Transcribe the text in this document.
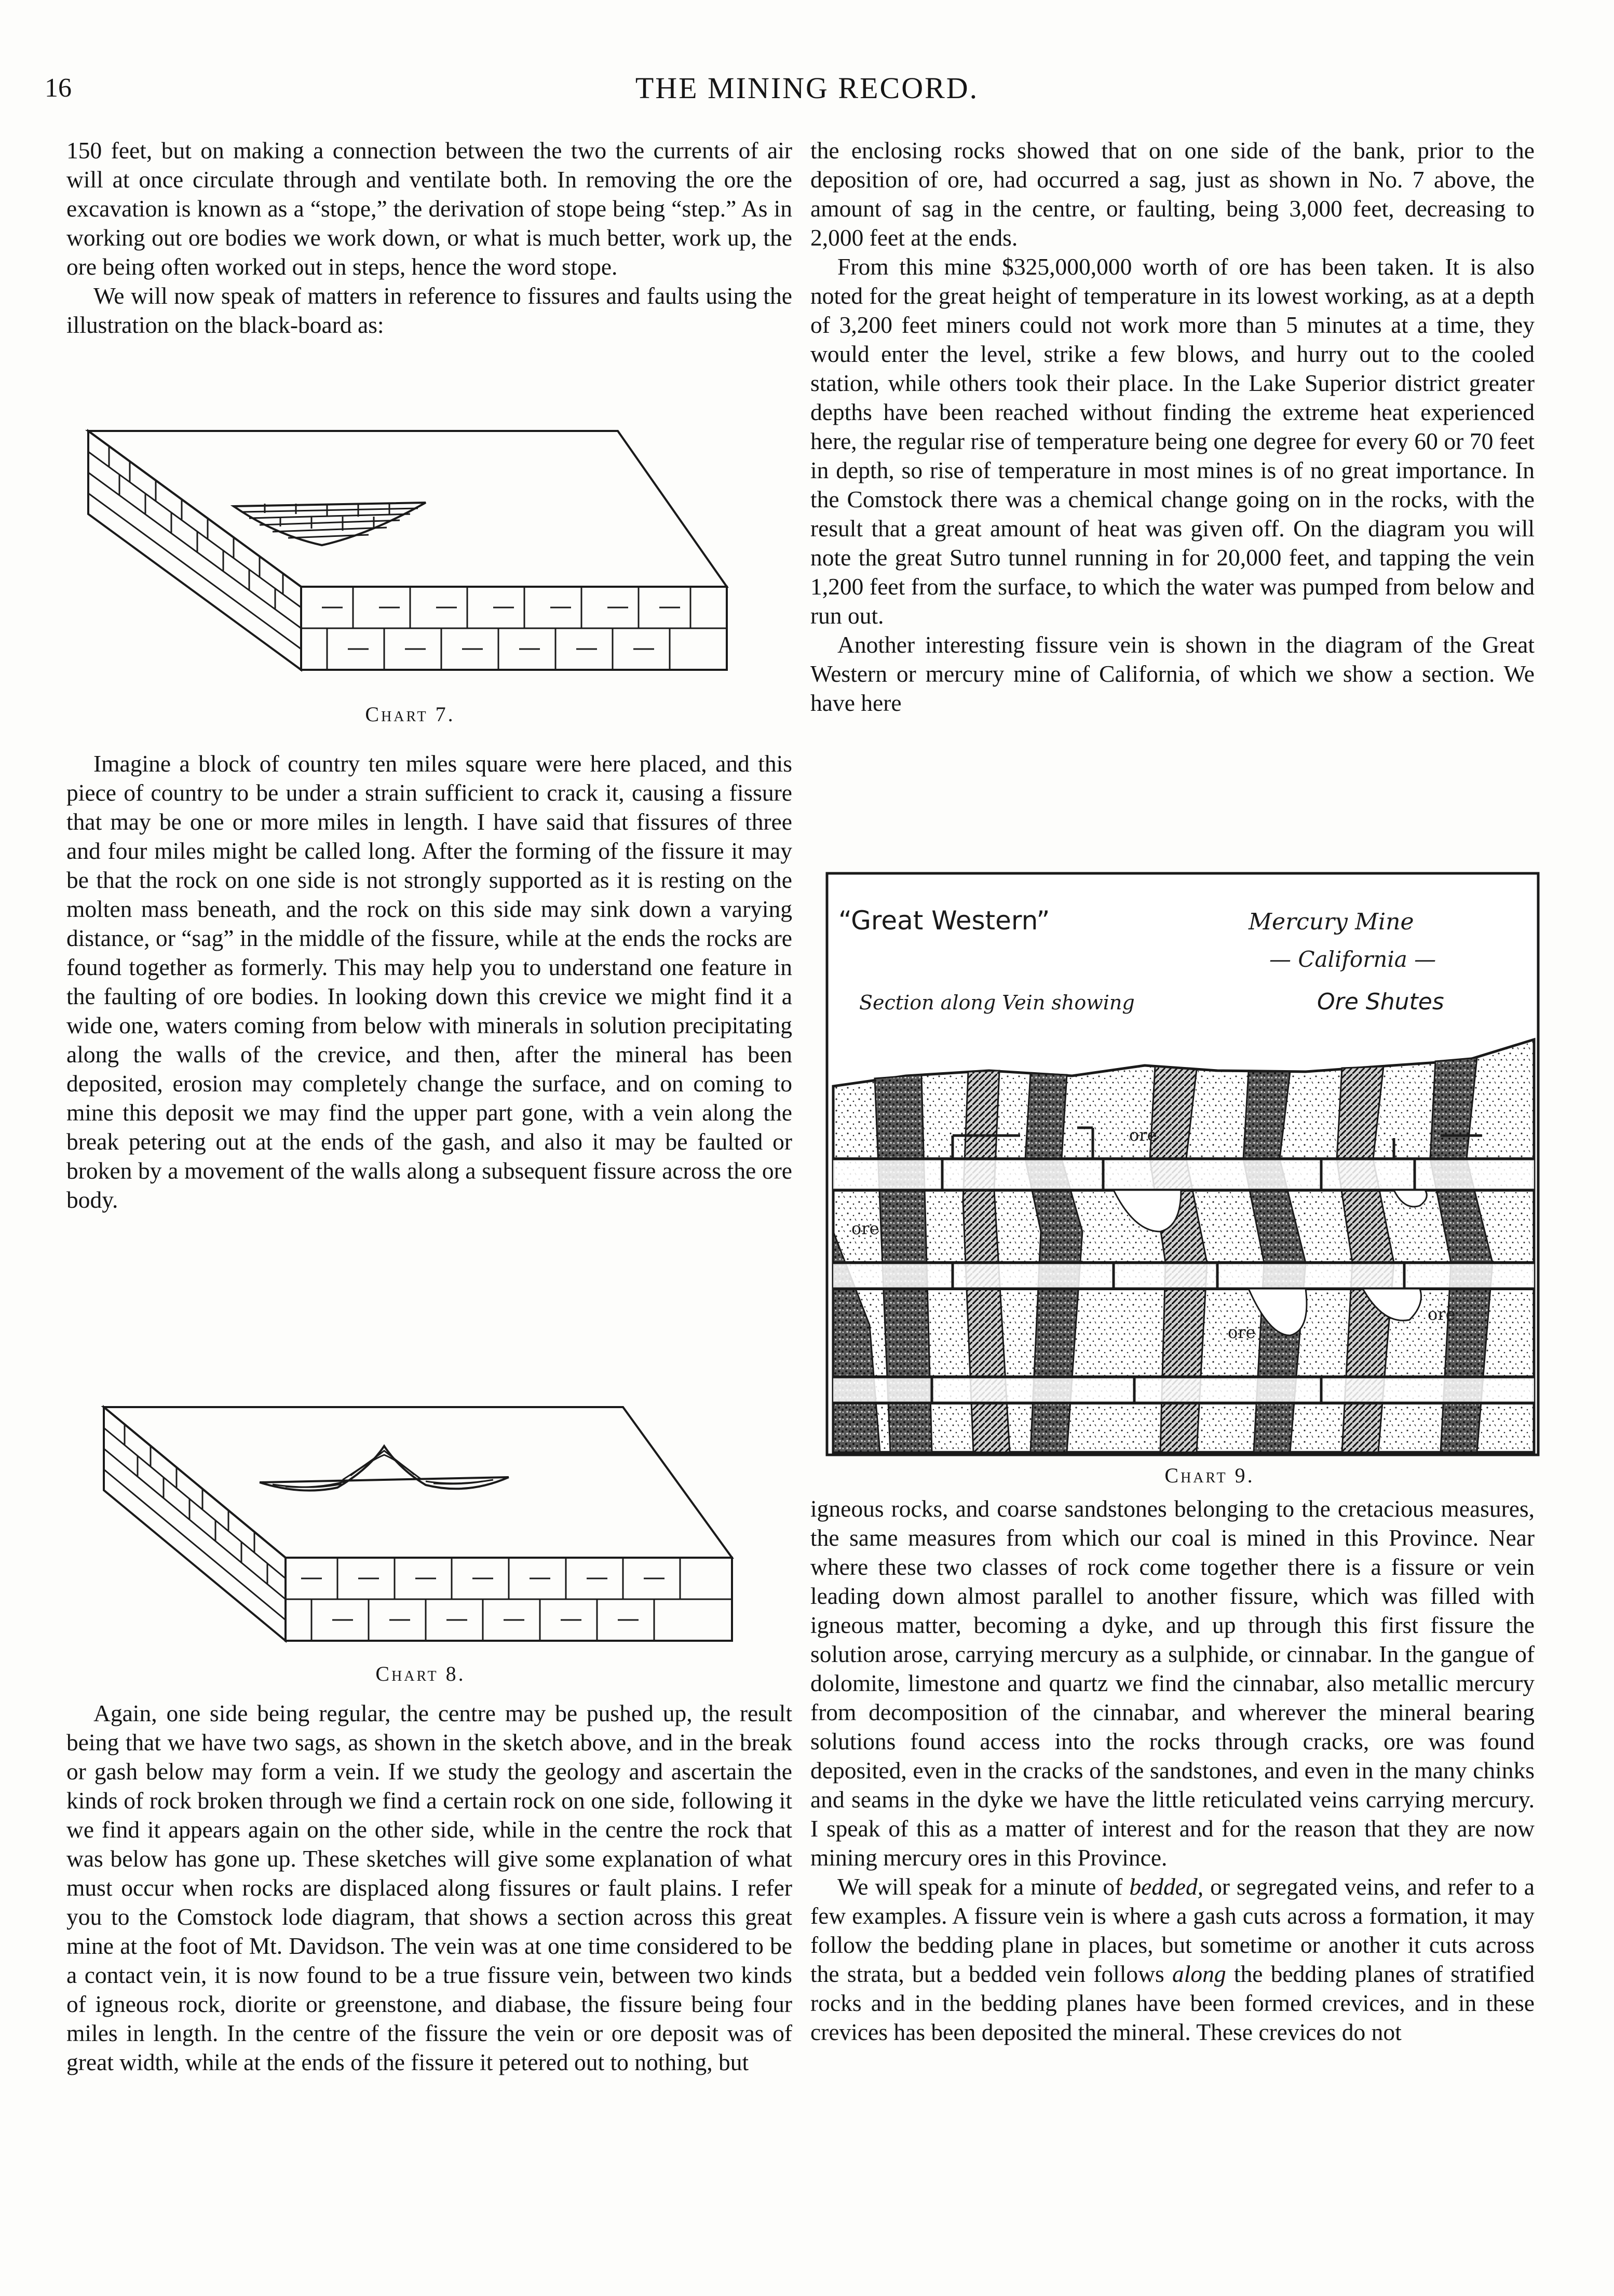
16	THE MINING RECORD.

150 feet, but on making a connection between the two the currents of air will at once circulate through and ventilate both. In removing the ore the excavation is known as a “stope,” the derivation of stope being “step.” As in working out ore bodies we work down, or what is much better, work up, the ore being often worked out in steps, hence the word stope.

We will now speak of matters in reference to fissures and faults using the illustration on the black-board as:

Chart 7.

Imagine a block of country ten miles square were here placed, and this piece of country to be under a strain sufficient to crack it, causing a fissure that may be one or more miles in length. I have said that fissures of three and four miles might be called long. After the forming of the fissure it may be that the rock on one side is not strongly supported as it is resting on the molten mass beneath, and the rock on this side may sink down a varying distance, or “sag” in the middle of the fissure, while at the ends the rocks are found together as formerly. This may help you to understand one feature in the faulting of ore bodies. In looking down this crevice we might find it a wide one, waters coming from below with minerals in solution precipitating along the walls of the crevice, and then, after the mineral has been deposited, erosion may completely change the surface, and on coming to mine this deposit we may find the upper part gone, with a vein along the break petering out at the ends of the gash, and also it may be faulted or broken by a movement of the walls along a subsequent fissure across the ore body.

Chart 8.

Again, one side being regular, the centre may be pushed up, the result being that we have two sags, as shown in the sketch above, and in the break or gash below may form a vein. If we study the geology and ascertain the kinds of rock broken through we find a certain rock on one side, following it we find it appears again on the other side, while in the centre the rock that was below has gone up. These sketches will give some explanation of what must occur when rocks are displaced along fissures or fault plains. I refer you to the Comstock lode diagram, that shows a section across this great mine at the foot of Mt. Davidson. The vein was at one time considered to be a contact vein, it is now found to be a true fissure vein, between two kinds of igneous rock, diorite or greenstone, and diabase, the fissure being four miles in length. In the centre of the fissure the vein or ore deposit was of great width, while at the ends of the fissure it petered out to nothing, but

the enclosing rocks showed that on one side of the bank, prior to the deposition of ore, had occurred a sag, just as shown in No. 7 above, the amount of sag in the centre, or faulting, being 3,000 feet, decreasing to 2,000 feet at the ends.

From this mine $325,000,000 worth of ore has been taken. It is also noted for the great height of temperature in its lowest working, as at a depth of 3,200 feet miners could not work more than 5 minutes at a time, they would enter the level, strike a few blows, and hurry out to the cooled station, while others took their place. In the Lake Superior district greater depths have been reached without finding the extreme heat experienced here, the regular rise of temperature being one degree for every 60 or 70 feet in depth, so rise of temperature in most mines is of no great importance. In the Comstock there was a chemical change going on in the rocks, with the result that a great amount of heat was given off. On the diagram you will note the great Sutro tunnel running in for 20,000 feet, and tapping the vein 1,200 feet from the surface, to which the water was pumped from below and run out.

Another interesting fissure vein is shown in the diagram of the Great Western or mercury mine of California, of which we show a section. We have here

“Great Western”	Mercury Mine
— California —
Section along Vein showing	Ore Shutes
ore
ore
ore
ore
Chart 9.

igneous rocks, and coarse sandstones belonging to the cretacious measures, the same measures from which our coal is mined in this Province. Near where these two classes of rock come together there is a fissure or vein leading down almost parallel to another fissure, which was filled with igneous matter, becoming a dyke, and up through this first fissure the solution arose, carrying mercury as a sulphide, or cinnabar. In the gangue of dolomite, limestone and quartz we find the cinnabar, also metallic mercury from decomposition of the cinnabar, and wherever the mineral bearing solutions found access into the rocks through cracks, ore was found deposited, even in the cracks of the sandstones, and even in the many chinks and seams in the dyke we have the little reticulated veins carrying mercury. I speak of this as a matter of interest and for the reason that they are now mining mercury ores in this Province.

We will speak for a minute of bedded, or segregated veins, and refer to a few examples. A fissure vein is where a gash cuts across a formation, it may follow the bedding plane in places, but sometime or another it cuts across the strata, but a bedded vein follows along the bedding planes of stratified rocks and in the bedding planes have been formed crevices, and in these crevices has been deposited the mineral. These crevices do not
